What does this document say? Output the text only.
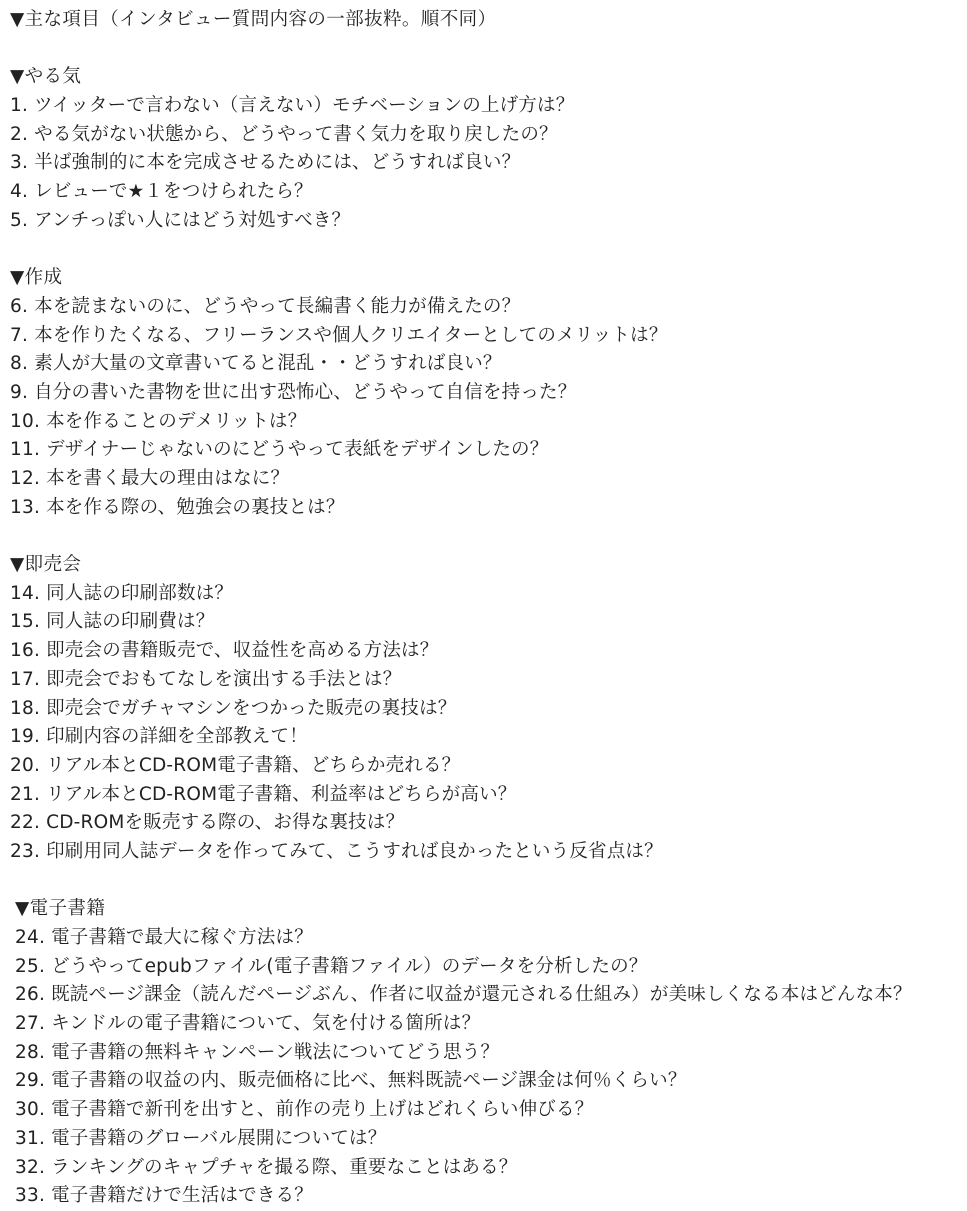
▼主な項目（インタビュー質問内容の一部抜粋。順不同）
▼やる気
1. ツイッターで言わない（言えない）モチベーションの上げ方は？
2. やる気がない状態から、どうやって書く気力を取り戻したの？
3. 半ば強制的に本を完成させるためには、どうすれば良い？
4. レビューで★１をつけられたら？
5. アンチっぽい人にはどう対処すべき？
▼作成
6. 本を読まないのに、どうやって長編書く能力が備えたの？
7. 本を作りたくなる、フリーランスや個人クリエイターとしてのメリットは？
8. 素人が大量の文章書いてると混乱・・どうすれば良い？
9. 自分の書いた書物を世に出す恐怖心、どうやって自信を持った？
10. 本を作ることのデメリットは？
11. デザイナーじゃないのにどうやって表紙をデザインしたの？
12. 本を書く最大の理由はなに？
13. 本を作る際の、勉強会の裏技とは？
▼即売会
14. 同人誌の印刷部数は？
15. 同人誌の印刷費は？
16. 即売会の書籍販売で、収益性を高める方法は？
17. 即売会でおもてなしを演出する手法とは？
18. 即売会でガチャマシンをつかった販売の裏技は？
19. 印刷内容の詳細を全部教えて！
20. リアル本とCD-ROM電子書籍、どちらか売れる？
21. リアル本とCD-ROM電子書籍、利益率はどちらが高い？
22. CD-ROMを販売する際の、お得な裏技は？
23. 印刷用同人誌データを作ってみて、こうすれば良かったという反省点は？
▼電子書籍
24. 電子書籍で最大に稼ぐ方法は？
25. どうやってepubファイル(電子書籍ファイル）のデータを分析したの？
26. 既読ページ課金（読んだページぶん、作者に収益が還元される仕組み）が美味しくなる本はどんな本？
27. キンドルの電子書籍について、気を付ける箇所は？
28. 電子書籍の無料キャンペーン戦法についてどう思う？
29. 電子書籍の収益の内、販売価格に比べ、無料既読ページ課金は何％くらい？
30. 電子書籍で新刊を出すと、前作の売り上げはどれくらい伸びる？
31. 電子書籍のグローバル展開については？
32. ランキングのキャプチャを撮る際、重要なことはある？
33. 電子書籍だけで生活はできる？
